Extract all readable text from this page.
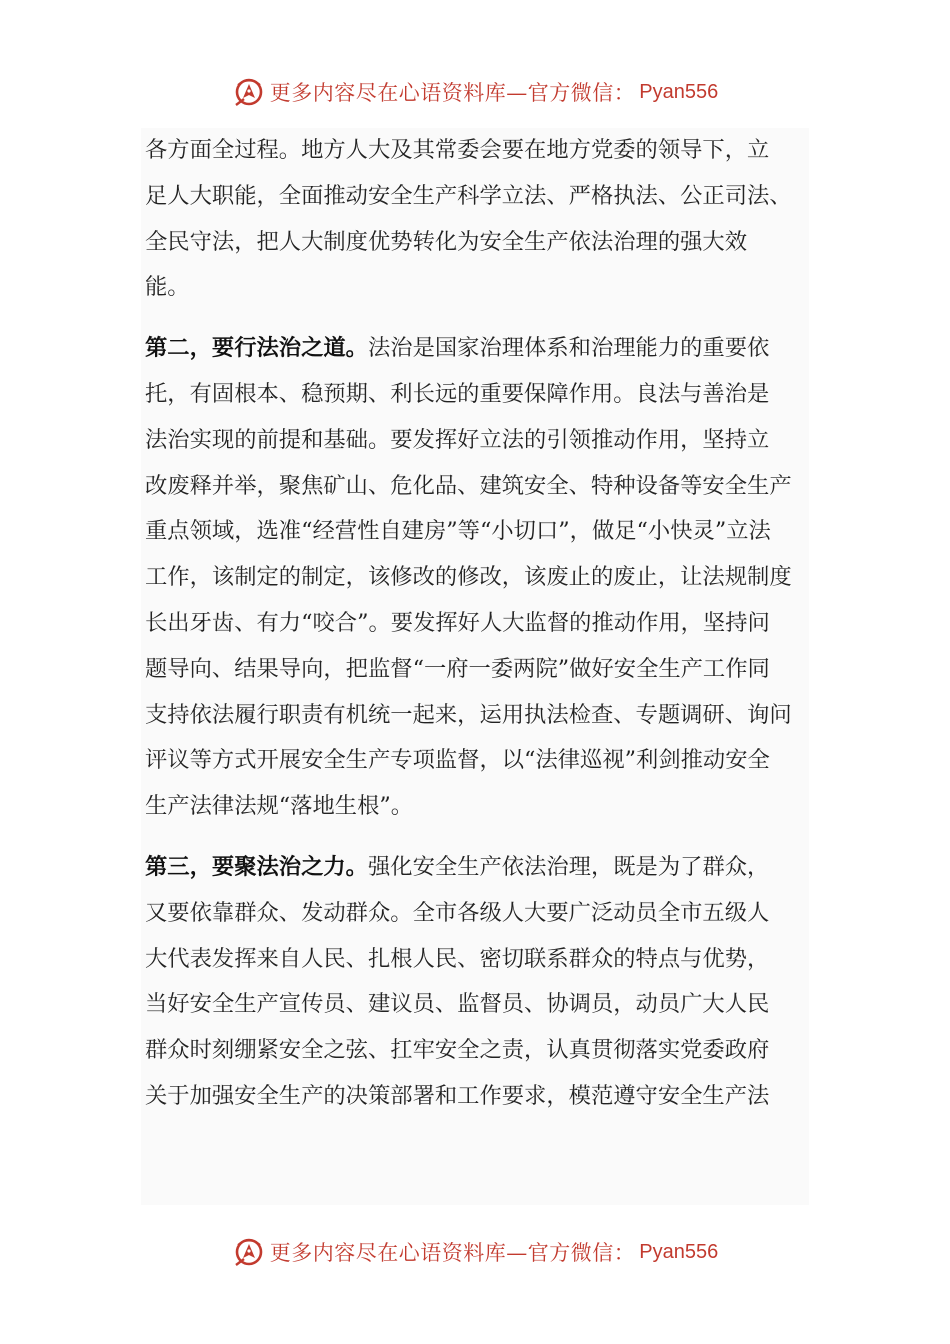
更多内容尽在心语资料库—官方微信： Pyan556

各方面全过程。地方人大及其常委会要在地方党委的领导下，立
足人大职能，全面推动安全生产科学立法、严格执法、公正司法、
全民守法，把人大制度优势转化为安全生产依法治理的强大效
能。

第二，要行法治之道。法治是国家治理体系和治理能力的重要依
托，有固根本、稳预期、利长远的重要保障作用。良法与善治是
法治实现的前提和基础。要发挥好立法的引领推动作用，坚持立
改废释并举，聚焦矿山、危化品、建筑安全、特种设备等安全生产
重点领域，选准“经营性自建房”等“小切口”，做足“小快灵”立法
工作，该制定的制定，该修改的修改，该废止的废止，让法规制度
长出牙齿、有力“咬合”。要发挥好人大监督的推动作用，坚持问
题导向、结果导向，把监督“一府一委两院”做好安全生产工作同
支持依法履行职责有机统一起来，运用执法检查、专题调研、询问
评议等方式开展安全生产专项监督，以“法律巡视”利剑推动安全
生产法律法规“落地生根”。

第三，要聚法治之力。强化安全生产依法治理，既是为了群众，
又要依靠群众、发动群众。全市各级人大要广泛动员全市五级人
大代表发挥来自人民、扎根人民、密切联系群众的特点与优势，
当好安全生产宣传员、建议员、监督员、协调员，动员广大人民
群众时刻绷紧安全之弦、扛牢安全之责，认真贯彻落实党委政府
关于加强安全生产的决策部署和工作要求，模范遵守安全生产法

更多内容尽在心语资料库—官方微信： Pyan556
